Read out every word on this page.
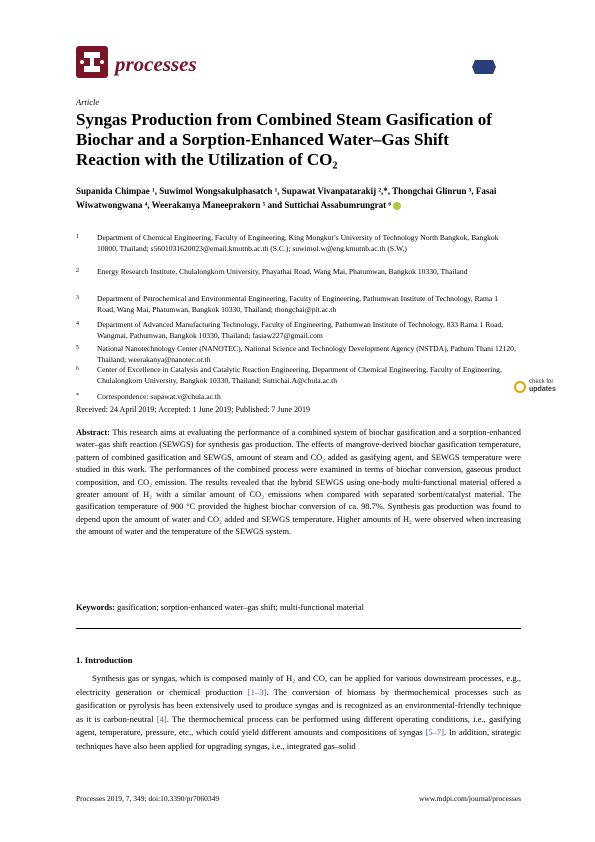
processes
Article
Syngas Production from Combined Steam Gasification of Biochar and a Sorption-Enhanced Water–Gas Shift Reaction with the Utilization of CO₂
Supanida Chimpae ¹, Suwimol Wongsakulphasatch ¹, Supawat Vivanpatarakij ²,*, Thongchai Glinrun ³, Fasai Wiwatwongwana ⁴, Weerakanya Maneeprakorn ⁵ and Suttichai Assabumrungrat ⁶
1 Department of Chemical Engineering, Faculty of Engineering, King Mongkut’s University of Technology North Bangkok, Bangkok 10800, Thailand; s5601031620023@email.kmutnb.ac.th (S.C.); suwimol.w@eng.kmutnb.ac.th (S.W.)
2 Energy Research Institute, Chulalongkorn University, Phayathai Road, Wang Mai, Phatumwan, Bangkok 10330, Thailand
3 Department of Petrochemical and Environmental Engineering, Faculty of Engineering, Pathumwan Institute of Technology, Rama 1 Road, Wang Mai, Phatumwan, Bangkok 10330, Thailand; thongchai@pit.ac.th
4 Department of Advanced Manufacturing Technology, Faculty of Engineering, Pathumwan Institute of Technology, 833 Rama 1 Road, Wangmai, Pathumwan, Bangkok 10330, Thailand; fasiaw227@gmail.com
5 National Nanotechnology Center (NANOTEC), National Science and Technology Development Agency (NSTDA), Pathum Thani 12120, Thailand; weerakanya@nanotec.or.th
6 Center of Excellence in Catalysis and Catalytic Reaction Engineering, Department of Chemical Engineering, Faculty of Engineering, Chulalongkorn University, Bangkok 10330, Thailand; Suttichai.A@chula.ac.th
* Correspondence: supawat.v@chula.ac.th
Received: 24 April 2019; Accepted: 1 June 2019; Published: 7 June 2019
check for
updates
Abstract: This research aims at evaluating the performance of a combined system of biochar gasification and a sorption-enhanced water–gas shift reaction (SEWGS) for synthesis gas production. The effects of mangrove-derived biochar gasification temperature, pattern of combined gasification and SEWGS, amount of steam and CO₂ added as gasifying agent, and SEWGS temperature were studied in this work. The performances of the combined process were examined in terms of biochar conversion, gaseous product composition, and CO₂ emission. The results revealed that the hybrid SEWGS using one-body multi-functional material offered a greater amount of H₂ with a similar amount of CO₂ emissions when compared with separated sorbent/catalyst material. The gasification temperature of 900 °C provided the highest biochar conversion of ca. 98.7%. Synthesis gas production was found to depend upon the amount of water and CO₂ added and SEWGS temperature. Higher amounts of H₂ were observed when increasing the amount of water and the temperature of the SEWGS system.
Keywords: gasification; sorption-enhanced water–gas shift; multi-functional material
1. Introduction
Synthesis gas or syngas, which is composed mainly of H₂ and CO, can be applied for various downstream processes, e.g., electricity generation or chemical production [1–3]. The conversion of biomass by thermochemical processes such as gasification or pyrolysis has been extensively used to produce syngas and is recognized as an environmental-friendly technique as it is carbon-neutral [4]. The thermochemical process can be performed using different operating conditions, i.e., gasifying agent, temperature, pressure, etc., which could yield different amounts and compositions of syngas [5–7]. In addition, strategic techniques have also been applied for upgrading syngas, i.e., integrated gas–solid
Processes 2019, 7, 349; doi:10.3390/pr7060349	www.mdpi.com/journal/processes
